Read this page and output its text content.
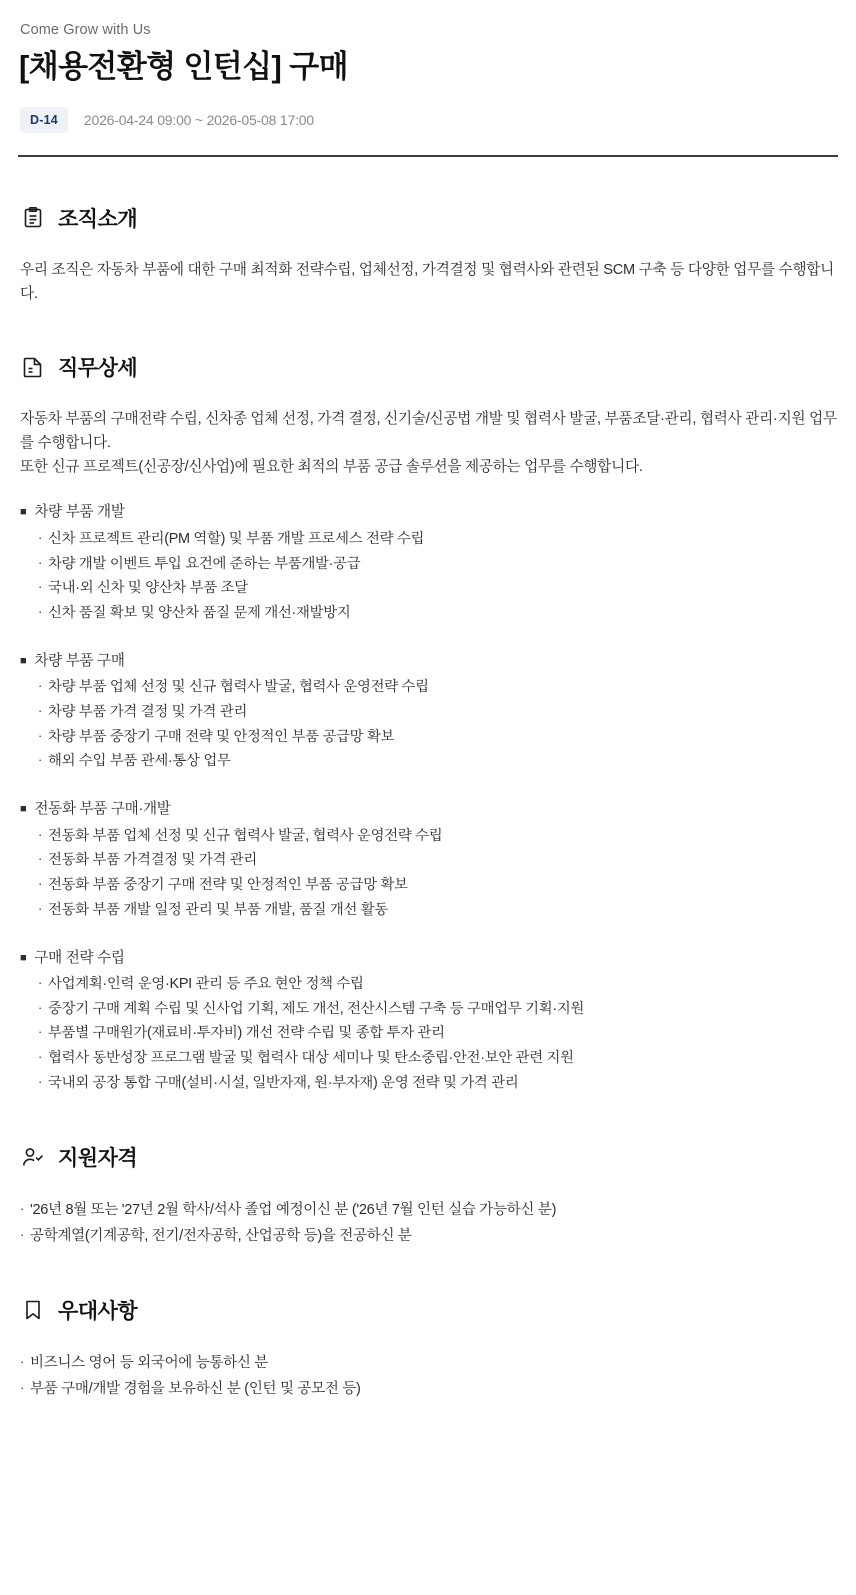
Come Grow with Us
[채용전환형 인턴십] 구매
D-14	2026-04-24 09:00 ~ 2026-05-08 17:00
조직소개

우리 조직은 자동차 부품에 대한 구매 최적화 전략수립, 업체선정, 가격결정 및 협력사와 관련된 SCM 구축 등 다양한 업무를 수행합니다.

직무상세

자동차 부품의 구매전략 수립, 신차종 업체 선정, 가격 결정, 신기술/신공법 개발 및 협력사 발굴, 부품조달·관리, 협력사 관리·지원 업무를 수행합니다.

또한 신규 프로젝트(신공장/신사업)에 필요한 최적의 부품 공급 솔루션을 제공하는 업무를 수행합니다.

■ 차량 부품 개발
· 신차 프로젝트 관리(PM 역할) 및 부품 개발 프로세스 전략 수립
· 차량 개발 이벤트 투입 요건에 준하는 부품개발·공급
· 국내·외 신차 및 양산차 부품 조달
· 신차 품질 확보 및 양산차 품질 문제 개선·재발방지
■ 차량 부품 구매
· 차량 부품 업체 선정 및 신규 협력사 발굴, 협력사 운영전략 수립
· 차량 부품 가격 결정 및 가격 관리
· 차량 부품 중장기 구매 전략 및 안정적인 부품 공급망 확보
· 해외 수입 부품 관세·통상 업무
■ 전동화 부품 구매·개발
· 전동화 부품 업체 선정 및 신규 협력사 발굴, 협력사 운영전략 수립
· 전동화 부품 가격결정 및 가격 관리
· 전동화 부품 중장기 구매 전략 및 안정적인 부품 공급망 확보
· 전동화 부품 개발 일정 관리 및 부품 개발, 품질 개선 활동
■ 구매 전략 수립
· 사업계획·인력 운영·KPI 관리 등 주요 현안 정책 수립
· 중장기 구매 계획 수립 및 신사업 기획, 제도 개선, 전산시스템 구축 등 구매업무 기획·지원
· 부품별 구매원가(재료비·투자비) 개선 전략 수립 및 종합 투자 관리
· 협력사 동반성장 프로그램 발굴 및 협력사 대상 세미나 및 탄소중립·안전·보안 관련 지원
· 국내외 공장 통합 구매(설비·시설, 일반자재, 원·부자재) 운영 전략 및 가격 관리
지원자격
· '26년 8월 또는 '27년 2월 학사/석사 졸업 예정이신 분 ('26년 7월 인턴 실습 가능하신 분)
· 공학계열(기계공학, 전기/전자공학, 산업공학 등)을 전공하신 분
우대사항
· 비즈니스 영어 등 외국어에 능통하신 분
· 부품 구매/개발 경험을 보유하신 분 (인턴 및 공모전 등)
